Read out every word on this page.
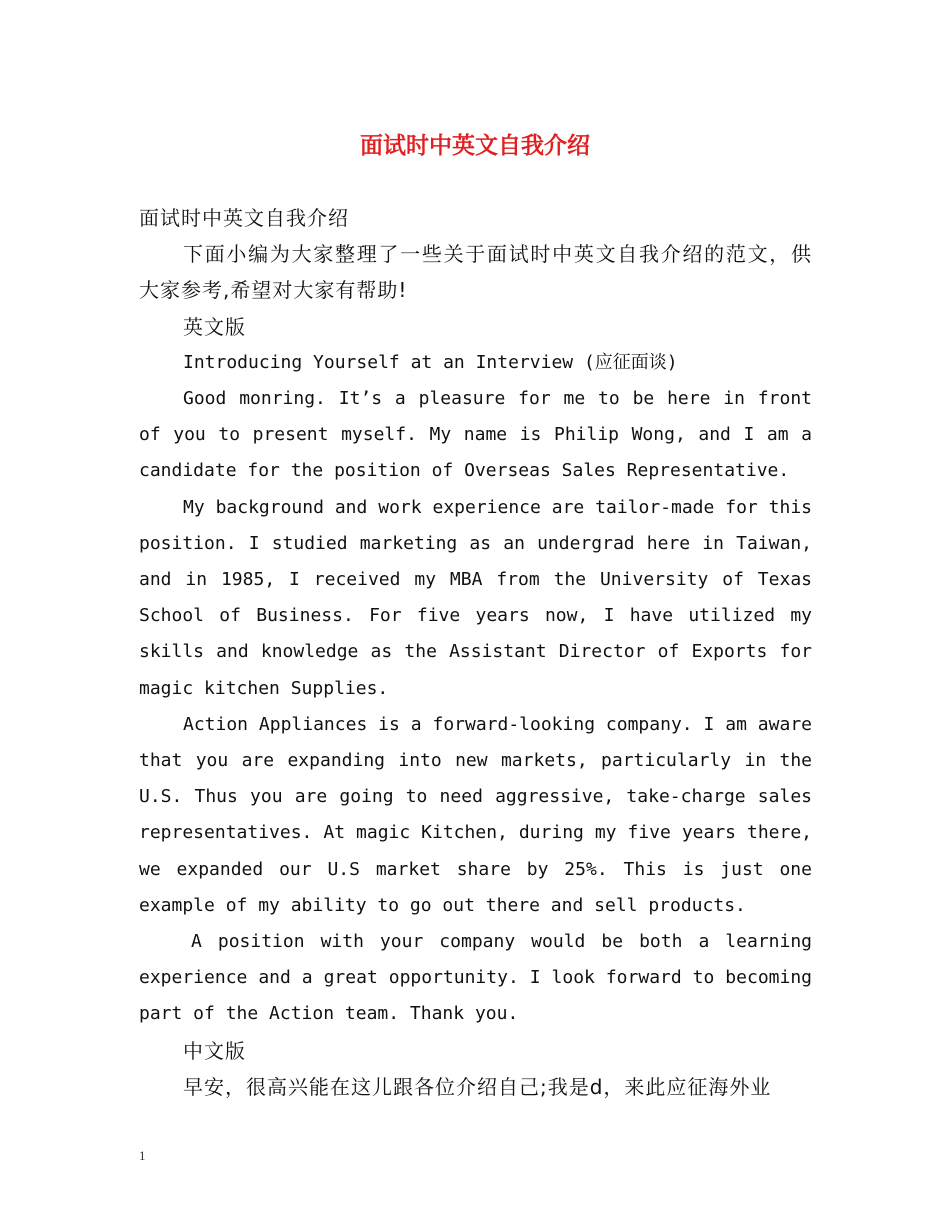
面试时中英文自我介绍

面试时中英文自我介绍

下面小编为大家整理了一些关于面试时中英文自我介绍的范文，供大家参考,希望对大家有帮助!

英文版

Introducing Yourself at an Interview (应征面谈)

Good monring. It’s a pleasure for me to be here in front of you to present myself. My name is Philip Wong, and I am a candidate for the position of Overseas Sales Representative.

My background and work experience are tailor-made for this position. I studied marketing as an undergrad here in Taiwan, and in 1985, I received my MBA from the University of Texas School of Business. For five years now, I have utilized my skills and knowledge as the Assistant Director of Exports for magic kitchen Supplies.

Action Appliances is a forward-looking company. I am aware that you are expanding into new markets, particularly in the U.S. Thus you are going to need aggressive, take-charge sales representatives. At magic Kitchen, during my five years there, we expanded our U.S market share by 25%. This is just one example of my ability to go out there and sell products.

A position with your company would be both a learning experience and a great opportunity. I look forward to becoming part of the Action team. Thank you.

中文版

早安，很高兴能在这儿跟各位介绍自己;我是d，来此应征海外业

1
